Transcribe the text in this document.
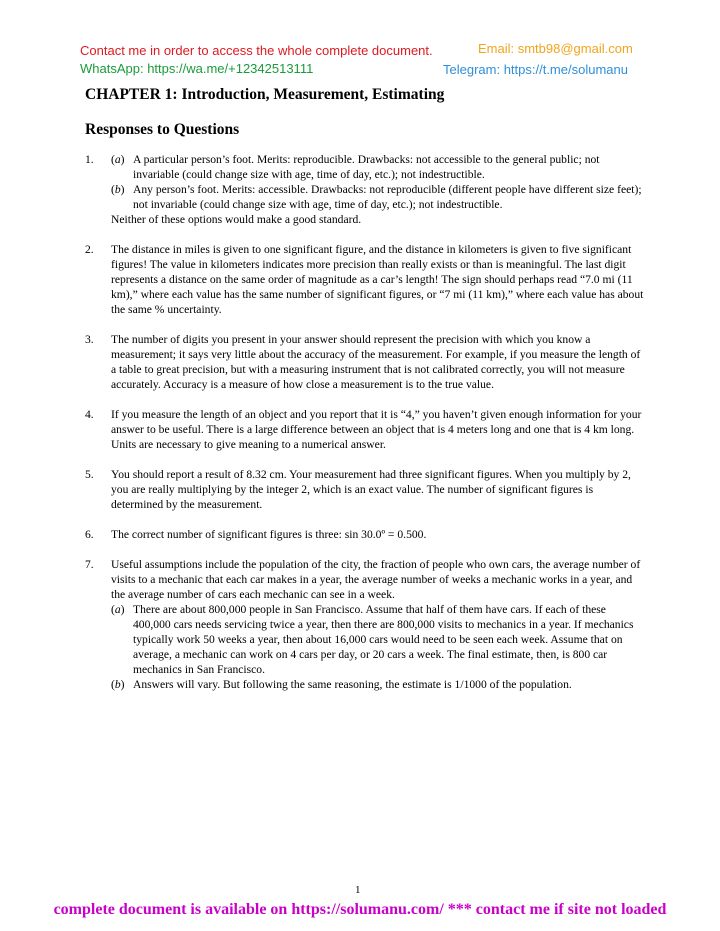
Contact me in order to access the whole complete document.	Email: smtb98@gmail.com
WhatsApp: https://wa.me/+12342513111	Telegram: https://t.me/solumanu
CHAPTER 1: Introduction, Measurement, Estimating
Responses to Questions
1. (a) A particular person’s foot. Merits: reproducible. Drawbacks: not accessible to the general public; not invariable (could change size with age, time of day, etc.); not indestructible.
(b) Any person’s foot. Merits: accessible. Drawbacks: not reproducible (different people have different size feet); not invariable (could change size with age, time of day, etc.); not indestructible.
Neither of these options would make a good standard.
2. The distance in miles is given to one significant figure, and the distance in kilometers is given to five significant figures! The value in kilometers indicates more precision than really exists or than is meaningful. The last digit represents a distance on the same order of magnitude as a car’s length! The sign should perhaps read “7.0 mi (11 km),” where each value has the same number of significant figures, or “7 mi (11 km),” where each value has about the same % uncertainty.
3. The number of digits you present in your answer should represent the precision with which you know a measurement; it says very little about the accuracy of the measurement. For example, if you measure the length of a table to great precision, but with a measuring instrument that is not calibrated correctly, you will not measure accurately. Accuracy is a measure of how close a measurement is to the true value.
4. If you measure the length of an object and you report that it is “4,” you haven’t given enough information for your answer to be useful. There is a large difference between an object that is 4 meters long and one that is 4 km long. Units are necessary to give meaning to a numerical answer.
5. You should report a result of 8.32 cm. Your measurement had three significant figures. When you multiply by 2, you are really multiplying by the integer 2, which is an exact value. The number of significant figures is determined by the measurement.
6. The correct number of significant figures is three: sin 30.0º = 0.500.
7. Useful assumptions include the population of the city, the fraction of people who own cars, the average number of visits to a mechanic that each car makes in a year, the average number of weeks a mechanic works in a year, and the average number of cars each mechanic can see in a week.
(a) There are about 800,000 people in San Francisco. Assume that half of them have cars. If each of these 400,000 cars needs servicing twice a year, then there are 800,000 visits to mechanics in a year. If mechanics typically work 50 weeks a year, then about 16,000 cars would need to be seen each week. Assume that on average, a mechanic can work on 4 cars per day, or 20 cars a week. The final estimate, then, is 800 car mechanics in San Francisco.
(b) Answers will vary. But following the same reasoning, the estimate is 1/1000 of the population.
1
complete document is available on https://solumanu.com/ *** contact me if site not loaded
